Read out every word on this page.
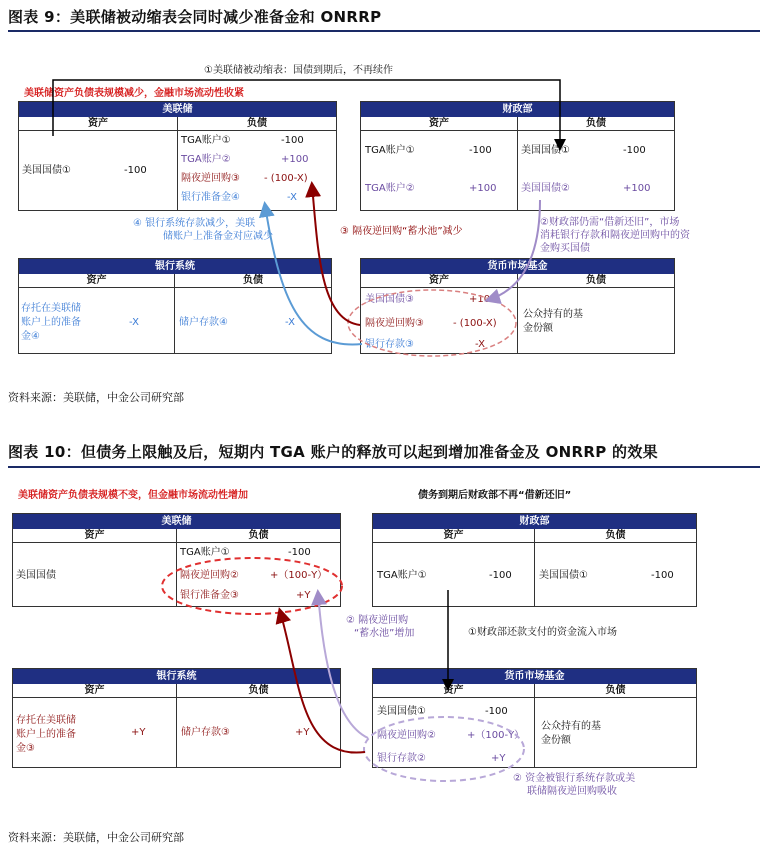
图表 9：美联储被动缩表会同时减少准备金和 ONRRP
①美联储被动缩表：国债到期后，不再续作
美联储资产负债表规模减少，金融市场流动性收紧
美联储
资产	负债
美国国债①	-100
TGA账户①	-100
TGA账户②	+100
隔夜逆回购③ - (100-X)
银行准备金④	-X
财政部
资产	负债
TGA账户①	-100	美国国债①	-100
TGA账户②	+100 美国国债②	+100
④ 银行系统存款减少，美联
储账户上准备金对应减少	③ 隔夜逆回购“蓄水池”减少
②财政部仍需“借新还旧”，市场
消耗银行存款和隔夜逆回购中的资
金购买国债
银行系统
资产	负债
存托在美联储
账户上的准备
金④
-X	储户存款④	-X
货币市场基金
资产	负债
美国国债③	+100
隔夜逆回购③	- (100-X)
银行存款③	-X
公众持有的基
金份额
资料来源：美联储，中金公司研究部
图表 10：但债务上限触及后，短期内 TGA 账户的释放可以起到增加准备金及 ONRRP 的效果
美联储资产负债表规模不变，但金融市场流动性增加	债务到期后财政部不再“借新还旧”
美联储
资产	负债
美国国债
TGA账户①	-100
隔夜逆回购②	+（100-Y）
银行准备金③	+Y
财政部
资产	负债
TGA账户①	-100	美国国债①	-100
② 隔夜逆回购
“蓄水池”增加	①财政部还款支付的资金流入市场
银行系统
资产	负债
存托在美联储
账户上的准备
金③
+Y	储户存款③	+Y
货币市场基金
资产	负债
美国国债①	-100
隔夜逆回购②	+（100-Y）
银行存款②	+Y
公众持有的基
金份额
② 资金被银行系统存款或美
联储隔夜逆回购吸收
资料来源：美联储，中金公司研究部
